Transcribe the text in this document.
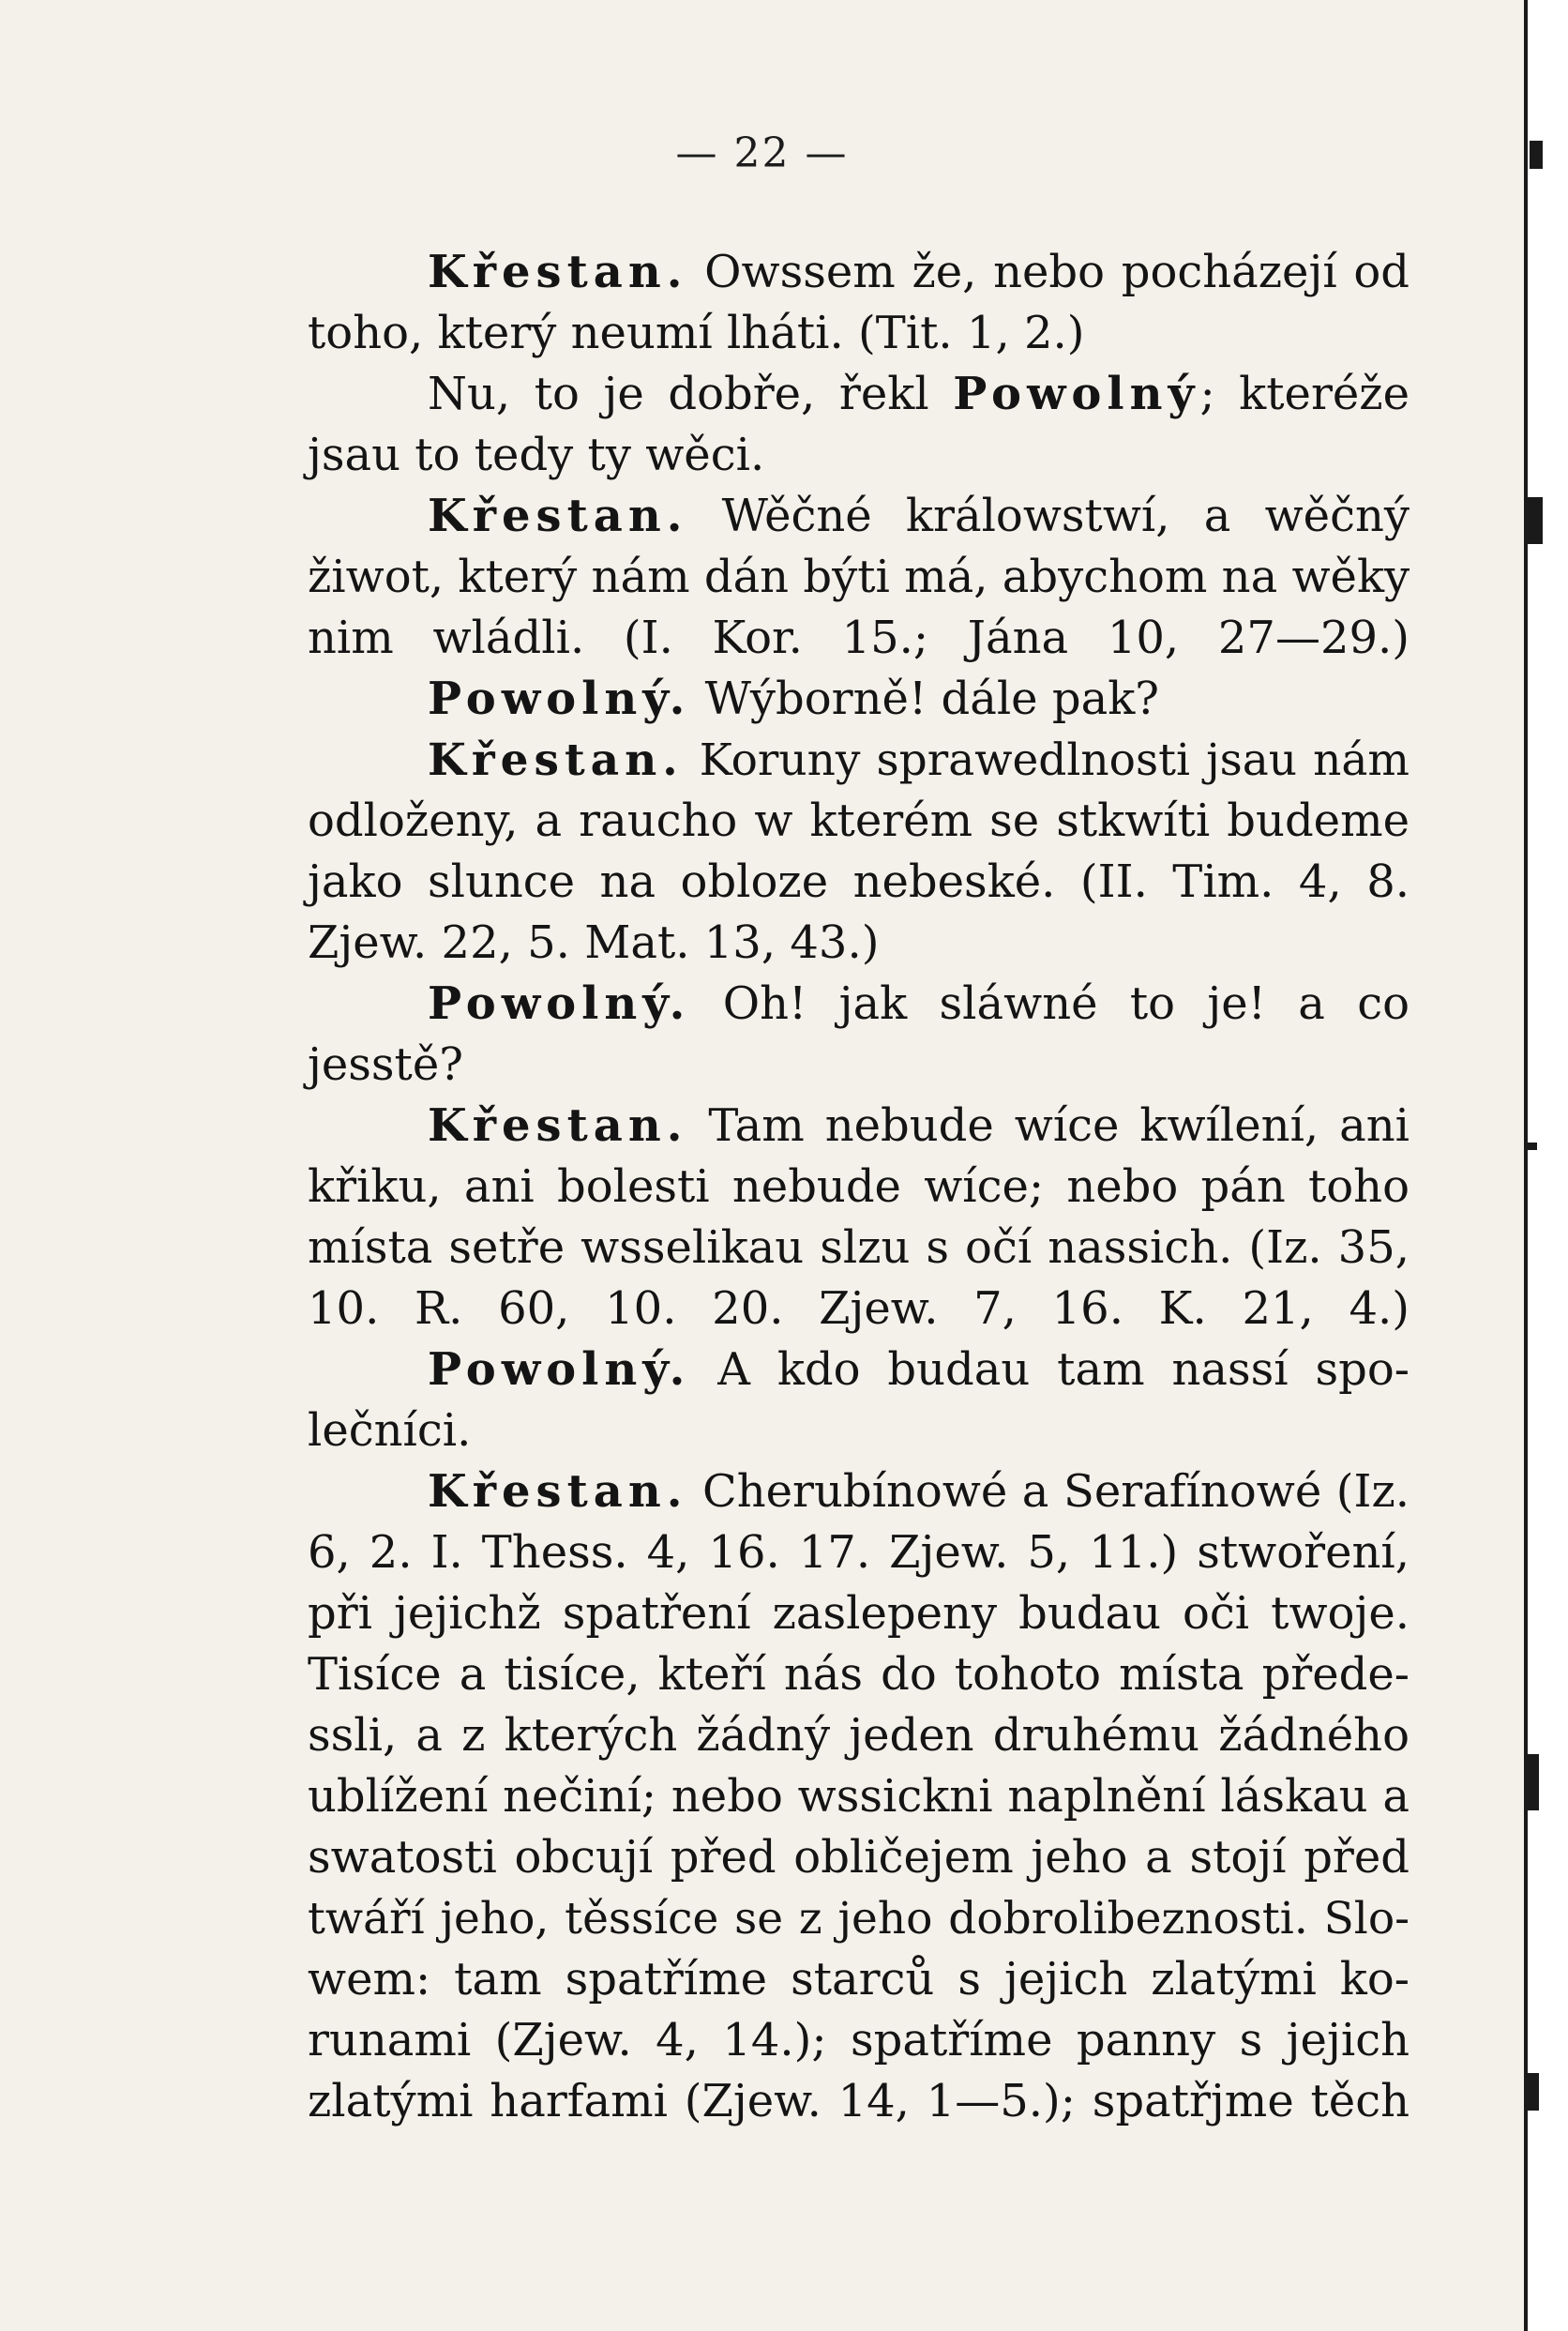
— 22 —
Křestan. Owssem že, nebo pocházejí od
toho, který neumí lháti. (Tit. 1, 2.)
Nu, to je dobře, řekl Powolný; kteréže
jsau to tedy ty wěci.
Křestan. Wěčné králowstwí, a wěčný
žiwot, který nám dán býti má, abychom na wěky
nim wládli. (I. Kor. 15.; Jána 10, 27—29.)
Powolný. Wýborně! dále pak?
Křestan. Koruny sprawedlnosti jsau nám
odloženy, a raucho w kterém se stkwíti budeme
jako slunce na obloze nebeské. (II. Tim. 4, 8.
Zjew. 22, 5. Mat. 13, 43.)
Powolný. Oh! jak sláwné to je! a co
jesstě?
Křestan. Tam nebude wíce kwílení, ani
křiku, ani bolesti nebude wíce; nebo pán toho
místa setře wsselikau slzu s očí nassich. (Iz. 35,
10. R. 60, 10. 20. Zjew. 7, 16. K. 21, 4.)
Powolný. A kdo budau tam nassí spo-
lečníci.
Křestan. Cherubínowé a Serafínowé (Iz.
6, 2. I. Thess. 4, 16. 17. Zjew. 5, 11.) stwoření,
při jejichž spatření zaslepeny budau oči twoje.
Tisíce a tisíce, kteří nás do tohoto místa přede-
ssli, a z kterých žádný jeden druhému žádného
ublížení nečiní; nebo wssickni naplnění láskau a
swatosti obcují před obličejem jeho a stojí před
twáří jeho, těssíce se z jeho dobrolibeznosti. Slo-
wem: tam spatříme starců s jejich zlatými ko-
runami (Zjew. 4, 14.); spatříme panny s jejich
zlatými harfami (Zjew. 14, 1—5.); spatřjme těch
